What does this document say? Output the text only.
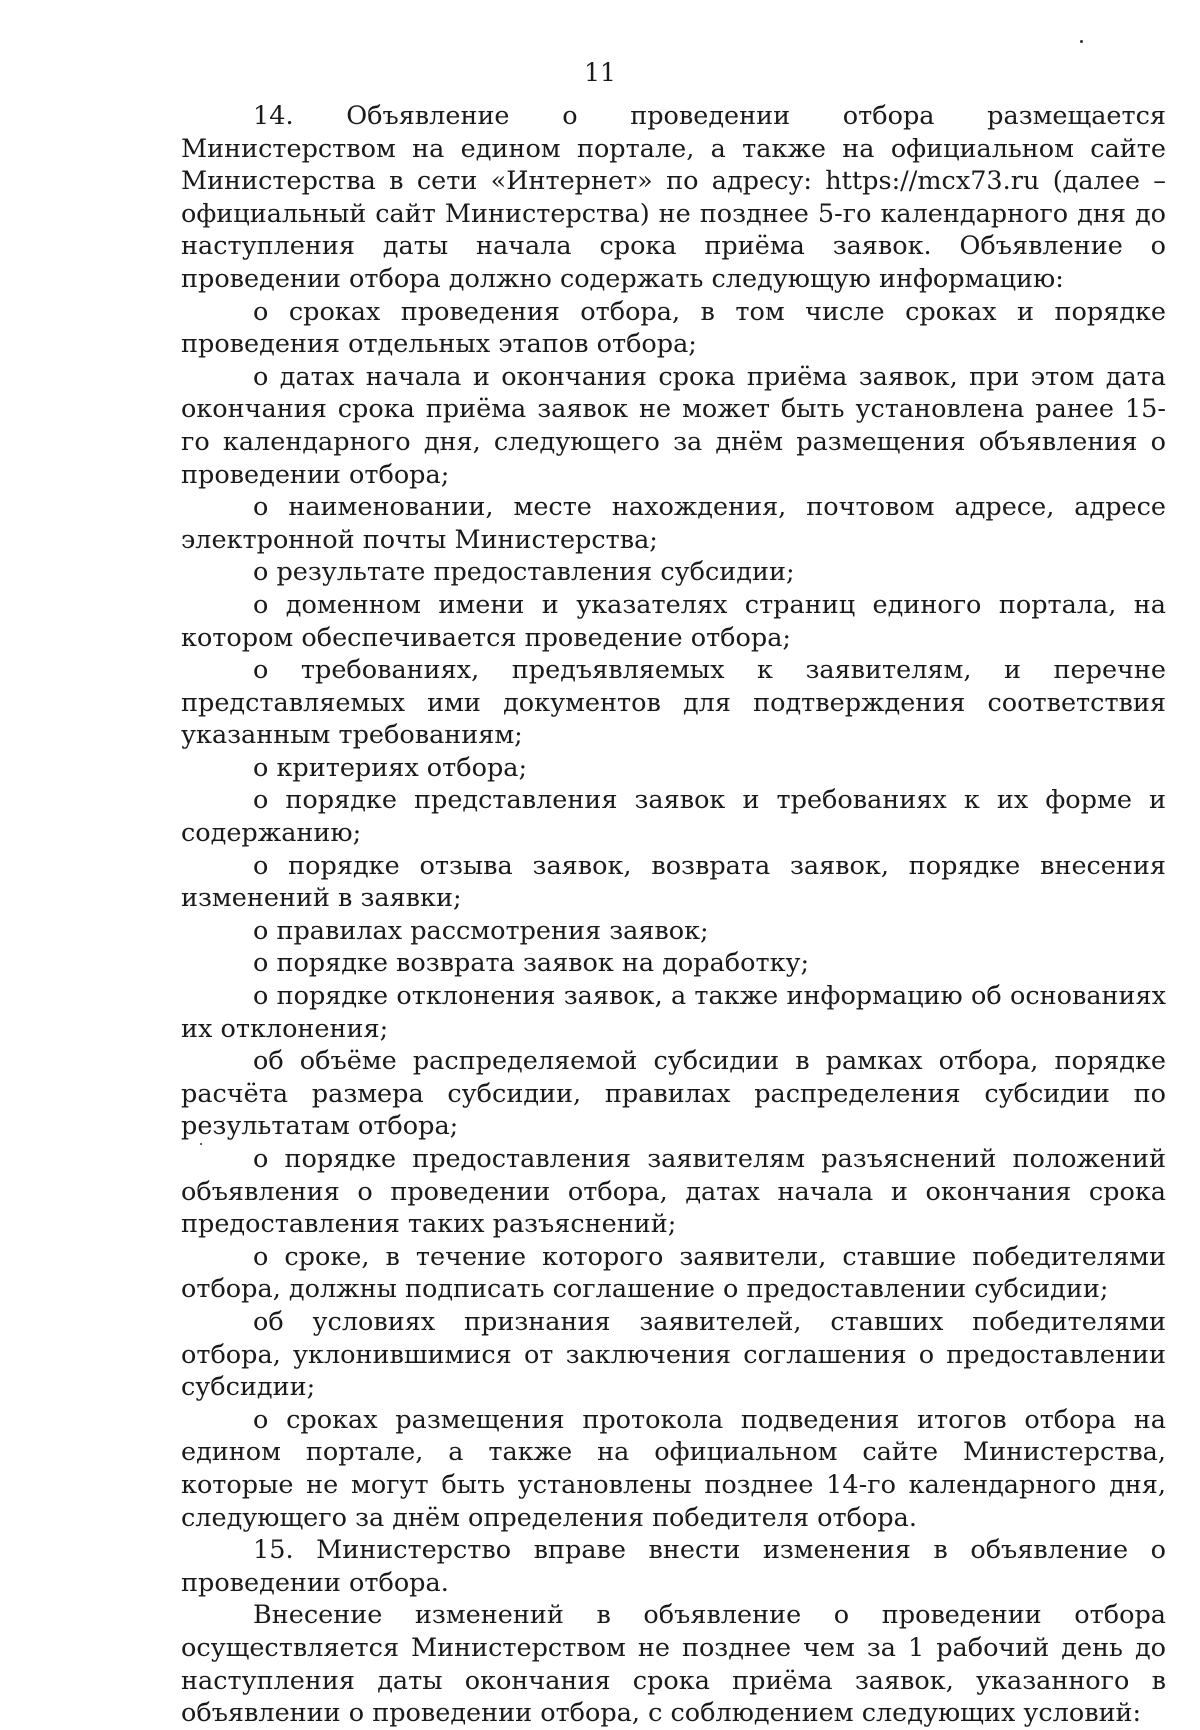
11

14. Объявление о проведении отбора размещается Министерством на едином портале, а также на официальном сайте Министерства в сети «Интернет» по адресу: https://mcx73.ru (далее – официальный сайт Министерства) не позднее 5-го календарного дня до наступления даты начала срока приёма заявок. Объявление о проведении отбора должно содержать следующую информацию:

о сроках проведения отбора, в том числе сроках и порядке проведения отдельных этапов отбора;

о датах начала и окончания срока приёма заявок, при этом дата окончания срока приёма заявок не может быть установлена ранее 15-го календарного дня, следующего за днём размещения объявления о проведении отбора;

о наименовании, месте нахождения, почтовом адресе, адресе электронной почты Министерства;

о результате предоставления субсидии;

о доменном имени и указателях страниц единого портала, на котором обеспечивается проведение отбора;

о требованиях, предъявляемых к заявителям, и перечне представляемых ими документов для подтверждения соответствия указанным требованиям;

о критериях отбора;

о порядке представления заявок и требованиях к их форме и содержанию;

о порядке отзыва заявок, возврата заявок, порядке внесения изменений в заявки;

о правилах рассмотрения заявок;

о порядке возврата заявок на доработку;

о порядке отклонения заявок, а также информацию об основаниях их отклонения;

об объёме распределяемой субсидии в рамках отбора, порядке расчёта размера субсидии, правилах распределения субсидии по результатам отбора;

о порядке предоставления заявителям разъяснений положений объявления о проведении отбора, датах начала и окончания срока предоставления таких разъяснений;

о сроке, в течение которого заявители, ставшие победителями отбора, должны подписать соглашение о предоставлении субсидии;

об условиях признания заявителей, ставших победителями отбора, уклонившимися от заключения соглашения о предоставлении субсидии;

о сроках размещения протокола подведения итогов отбора на едином портале, а также на официальном сайте Министерства, которые не могут быть установлены позднее 14-го календарного дня, следующего за днём определения победителя отбора.

15. Министерство вправе внести изменения в объявление о проведении отбора.

Внесение изменений в объявление о проведении отбора осуществляется Министерством не позднее чем за 1 рабочий день до наступления даты окончания срока приёма заявок, указанного в объявлении о проведении отбора, с соблюдением следующих условий:
